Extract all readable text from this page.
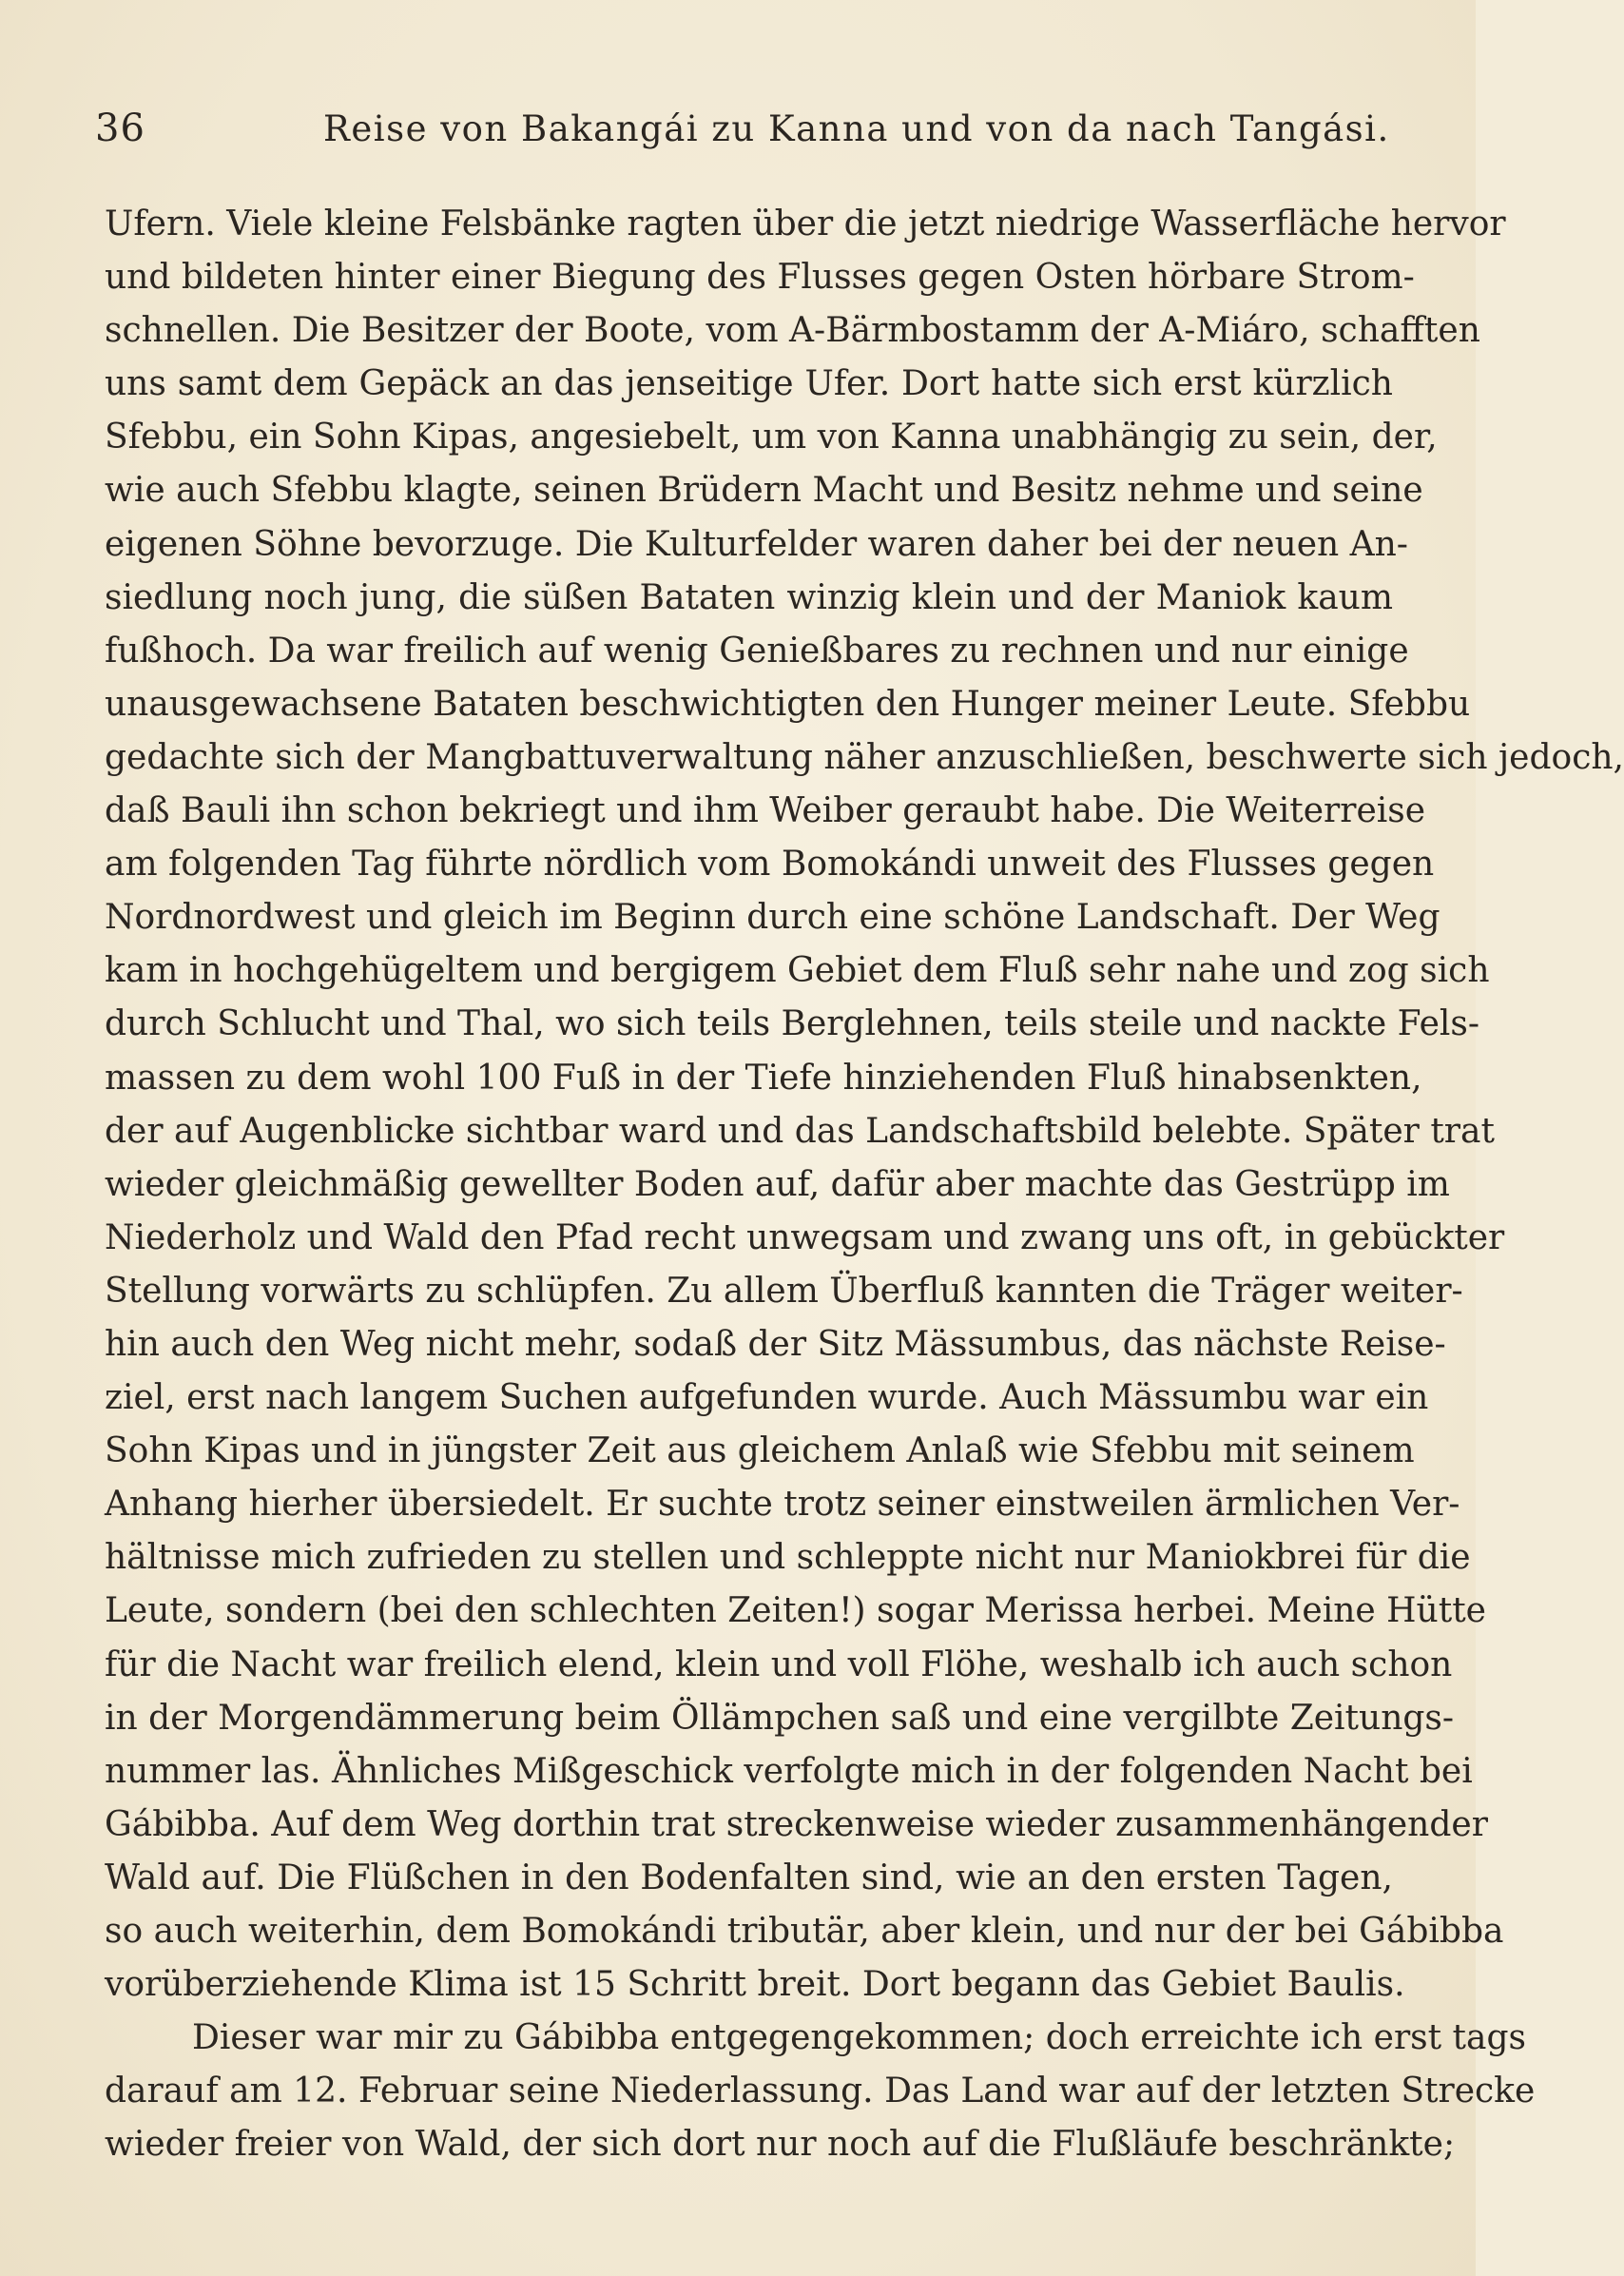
36	Reise von Bakangái zu Kanna und von da nach Tangási.
Ufern. Viele kleine Felsbänke ragten über die jetzt niedrige Wasserfläche hervor
und bildeten hinter einer Biegung des Flusses gegen Osten hörbare Strom-
schnellen. Die Besitzer der Boote, vom A-Bärmbostamm der A-Miáro, schafften
uns samt dem Gepäck an das jenseitige Ufer. Dort hatte sich erst kürzlich
Sfebbu, ein Sohn Kipas, angesiebelt, um von Kanna unabhängig zu sein, der,
wie auch Sfebbu klagte, seinen Brüdern Macht und Besitz nehme und seine
eigenen Söhne bevorzuge. Die Kulturfelder waren daher bei der neuen An-
siedlung noch jung, die süßen Bataten winzig klein und der Maniok kaum
fußhoch. Da war freilich auf wenig Genießbares zu rechnen und nur einige
unausgewachsene Bataten beschwichtigten den Hunger meiner Leute. Sfebbu
gedachte sich der Mangbattuverwaltung näher anzuschließen, beschwerte sich jedoch,
daß Bauli ihn schon bekriegt und ihm Weiber geraubt habe. Die Weiterreise
am folgenden Tag führte nördlich vom Bomokándi unweit des Flusses gegen
Nordnordwest und gleich im Beginn durch eine schöne Landschaft. Der Weg
kam in hochgehügeltem und bergigem Gebiet dem Fluß sehr nahe und zog sich
durch Schlucht und Thal, wo sich teils Berglehnen, teils steile und nackte Fels-
massen zu dem wohl 100 Fuß in der Tiefe hinziehenden Fluß hinabsenkten,
der auf Augenblicke sichtbar ward und das Landschaftsbild belebte. Später trat
wieder gleichmäßig gewellter Boden auf, dafür aber machte das Gestrüpp im
Niederholz und Wald den Pfad recht unwegsam und zwang uns oft, in gebückter
Stellung vorwärts zu schlüpfen. Zu allem Überfluß kannten die Träger weiter-
hin auch den Weg nicht mehr, sodaß der Sitz Mässumbus, das nächste Reise-
ziel, erst nach langem Suchen aufgefunden wurde. Auch Mässumbu war ein
Sohn Kipas und in jüngster Zeit aus gleichem Anlaß wie Sfebbu mit seinem
Anhang hierher übersiedelt. Er suchte trotz seiner einstweilen ärmlichen Ver-
hältnisse mich zufrieden zu stellen und schleppte nicht nur Maniokbrei für die
Leute, sondern (bei den schlechten Zeiten!) sogar Merissa herbei. Meine Hütte
für die Nacht war freilich elend, klein und voll Flöhe, weshalb ich auch schon
in der Morgendämmerung beim Öllämpchen saß und eine vergilbte Zeitungs-
nummer las. Ähnliches Mißgeschick verfolgte mich in der folgenden Nacht bei
Gábibba. Auf dem Weg dorthin trat streckenweise wieder zusammenhängender
Wald auf. Die Flüßchen in den Bodenfalten sind, wie an den ersten Tagen,
so auch weiterhin, dem Bomokándi tributär, aber klein, und nur der bei Gábibba
vorüberziehende Klima ist 15 Schritt breit. Dort begann das Gebiet Baulis.
Dieser war mir zu Gábibba entgegengekommen; doch erreichte ich erst tags
darauf am 12. Februar seine Niederlassung. Das Land war auf der letzten Strecke
wieder freier von Wald, der sich dort nur noch auf die Flußläufe beschränkte;
